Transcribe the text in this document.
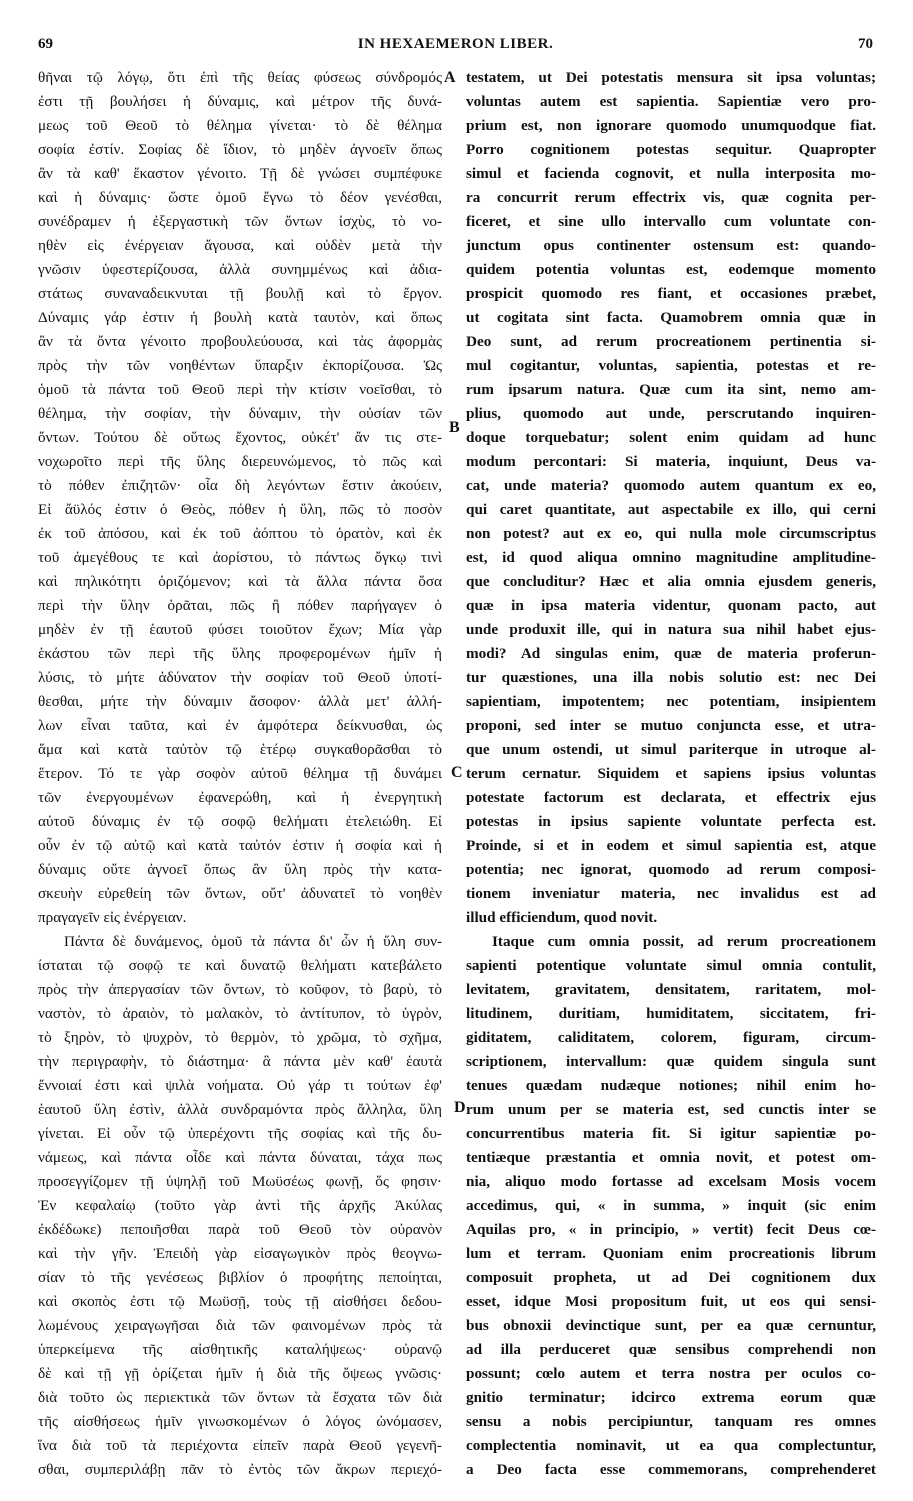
69	IN HEXAEMERON LIBER.	70
θῆναι τῷ λόγῳ, ὅτι ἐπὶ τῆς θείας φύσεως σύνδρομός
ἐστι τῇ βουλήσει ἡ δύναμις, καὶ μέτρον τῆς δυνά-
μεως τοῦ Θεοῦ τὸ θέλημα γίνεται· τὸ δὲ θέλημα
σοφία ἐστίν. Σοφίας δὲ ἴδιον, τὸ μηδὲν ἀγνοεῖν ὅπως
ἂν τὰ καθ' ἕκαστον γένοιτο. Τῇ δὲ γνώσει συμπέφυκε
καὶ ἡ δύναμις· ὥστε ὁμοῦ ἔγνω τὸ δέον γενέσθαι,
συνέδραμεν ἡ ἐξεργαστικὴ τῶν ὄντων ἰσχὺς, τὸ νο-
ηθὲν εἰς ἐνέργειαν ἄγουσα, καὶ οὐδὲν μετὰ τὴν
γνῶσιν ὑφεστερίζουσα, ἀλλὰ συνημμένως καὶ ἀδια-
στάτως συναναδεικνυται τῇ βουλῇ καὶ τὸ ἔργον.
Δύναμις γάρ ἐστιν ἡ βουλὴ κατὰ ταυτὸν, καὶ ὅπως
ἂν τὰ ὄντα γένοιτο προβουλεύουσα, καὶ τὰς ἀφορμὰς
πρὸς τὴν τῶν νοηθέντων ὕπαρξιν ἐκπορίζουσα. Ὡς
ὁμοῦ τὰ πάντα τοῦ Θεοῦ περὶ τὴν κτίσιν νοεῖσθαι, τὸ
θέλημα, τὴν σοφίαν, τὴν δύναμιν, τὴν οὐσίαν τῶν
ὄντων. Τούτου δὲ οὕτως ἔχοντος, οὐκέτ' ἄν τις στε-
νοχωροῖτο περὶ τῆς ὕλης διερευνώμενος, τὸ πῶς καὶ
τὸ πόθεν ἐπιζητῶν· οἷα δὴ λεγόντων ἔστιν ἀκούειν,
Εἰ ἄϋλός ἐστιν ὁ Θεὸς, πόθεν ἡ ὕλη, πῶς τὸ ποσὸν
ἐκ τοῦ ἀπόσου, καὶ ἐκ τοῦ ἀόπτου τὸ ὁρατὸν, καὶ ἐκ
τοῦ ἀμεγέθους τε καὶ ἀορίστου, τὸ πάντως ὄγκῳ τινὶ
καὶ πηλικότητι ὁριζόμενον; καὶ τὰ ἄλλα πάντα ὅσα
περὶ τὴν ὕλην ὁρᾶται, πῶς ἢ πόθεν παρήγαγεν ὁ
μηδὲν ἐν τῇ ἑαυτοῦ φύσει τοιοῦτον ἔχων; Μία γὰρ
ἑκάστου τῶν περὶ τῆς ὕλης προφερομένων ἡμῖν ἡ
λύσις, τὸ μήτε ἀδύνατον τὴν σοφίαν τοῦ Θεοῦ ὑποτί-
θεσθαι, μήτε τὴν δύναμιν ἄσοφον· ἀλλὰ μετ' ἀλλή-
λων εἶναι ταῦτα, καὶ ἐν ἀμφότερα δείκνυσθαι, ὡς
ἅμα καὶ κατὰ ταὐτὸν τῷ ἑτέρῳ συγκαθορᾶσθαι τὸ
ἕτερον. Τό τε γὰρ σοφὸν αὐτοῦ θέλημα τῇ δυνάμει
τῶν ἐνεργουμένων ἐφανερώθη, καὶ ἡ ἐνεργητικὴ
αὐτοῦ δύναμις ἐν τῷ σοφῷ θελήματι ἐτελειώθη. Εἰ
οὖν ἐν τῷ αὐτῷ καὶ κατὰ ταὐτόν ἐστιν ἡ σοφία καὶ ἡ
δύναμις οὔτε ἀγνοεῖ ὅπως ἂν ὕλη πρὸς τὴν κατα-
σκευὴν εὐρεθείη τῶν ὄντων, οὔτ' ἀδυνατεῖ τὸ νοηθὲν
πραγαγεῖν εἰς ἐνέργειαν.
Πάντα δὲ δυνάμενος, ὁμοῦ τὰ πάντα δι' ὧν ἡ ὕλη συν-
ίσταται τῷ σοφῷ τε καὶ δυνατῷ θελήματι κατεβάλετο
πρὸς τὴν ἀπεργασίαν τῶν ὄντων, τὸ κοῦφον, τὸ βαρὺ, τὸ
ναστὸν, τὸ ἀραιὸν, τὸ μαλακὸν, τὸ ἀντίτυπον, τὸ ὑγρὸν,
τὸ ξηρὸν, τὸ ψυχρὸν, τὸ θερμὸν, τὸ χρῶμα, τὸ σχῆμα,
τὴν περιγραφὴν, τὸ διάστημα· ἃ πάντα μὲν καθ' ἑαυτὰ
ἔννοιαί ἐστι καὶ ψιλὰ νοήματα. Οὐ γάρ τι τούτων ἐφ'
ἑαυτοῦ ὕλη ἐστὶν, ἀλλὰ συνδραμόντα πρὸς ἄλληλα, ὕλη
γίνεται. Εἰ οὖν τῷ ὑπερέχοντι τῆς σοφίας καὶ τῆς δυ-
νάμεως, καὶ πάντα οἶδε καὶ πάντα δύναται, τάχα πως
προσεγγίζομεν τῇ ὑψηλῇ τοῦ Μωϋσέως φωνῇ, ὅς φησιν·
Ἐν κεφαλαίῳ (τοῦτο γὰρ ἀντὶ τῆς ἀρχῆς Ἀκύλας
ἐκδέδωκε) πεποιῆσθαι παρὰ τοῦ Θεοῦ τὸν οὐρανὸν
καὶ τὴν γῆν. Ἐπειδὴ γὰρ εἰσαγωγικὸν πρὸς θεογνω-
σίαν τὸ τῆς γενέσεως βιβλίον ὁ προφήτης πεποίηται,
καὶ σκοπὸς ἐστι τῷ Μωϋσῇ, τοὺς τῇ αἰσθήσει δεδου-
λωμένους χειραγωγῆσαι διὰ τῶν φαινομένων πρὸς τὰ
ὑπερκείμενα τῆς αἰσθητικῆς καταλήψεως· οὐρανῷ
δὲ καὶ τῇ γῇ ὁρίζεται ἡμῖν ἡ διὰ τῆς ὄψεως γνῶσις·
διὰ τοῦτο ὡς περιεκτικὰ τῶν ὄντων τὰ ἔσχατα τῶν διὰ
τῆς αἰσθήσεως ἡμῖν γινωσκομένων ὁ λόγος ὠνόμασεν,
ἵνα διὰ τοῦ τὰ περιέχοντα εἰπεῖν παρὰ Θεοῦ γεγενῆ-
σθαι, συμπεριλάβῃ πᾶν τὸ ἐντὸς τῶν ἄκρων περιεχό-
testatem, ut Dei potestatis mensura sit ipsa voluntas;
voluntas autem est sapientia. Sapientiæ vero pro-
prium est, non ignorare quomodo unumquodque fiat.
Porro cognitionem potestas sequitur. Quapropter
simul et facienda cognovit, et nulla interposita mo-
ra concurrit rerum effectrix vis, quæ cognita per-
ficeret, et sine ullo intervallo cum voluntate con-
junctum opus continenter ostensum est: quando-
quidem potentia voluntas est, eodemque momento
prospicit quomodo res fiant, et occasiones præbet,
ut cogitata sint facta. Quamobrem omnia quæ in
Deo sunt, ad rerum procreationem pertinentia si-
mul cogitantur, voluntas, sapientia, potestas et re-
rum ipsarum natura. Quæ cum ita sint, nemo am-
plius, quomodo aut unde, perscrutando inquiren-
doque torquebatur; solent enim quidam ad hunc
modum percontari: Si materia, inquiunt, Deus va-
cat, unde materia? quomodo autem quantum ex eo,
qui caret quantitate, aut aspectabile ex illo, qui cerni
non potest? aut ex eo, qui nulla mole circumscriptus
est, id quod aliqua omnino magnitudine amplitudine-
que concluditur? Hæc et alia omnia ejusdem generis,
quæ in ipsa materia videntur, quonam pacto, aut
unde produxit ille, qui in natura sua nihil habet ejus-
modi? Ad singulas enim, quæ de materia proferun-
tur quæstiones, una illa nobis solutio est: nec Dei
sapientiam, impotentem; nec potentiam, insipientem
proponi, sed inter se mutuo conjuncta esse, et utra-
que unum ostendi, ut simul pariterque in utroque al-
terum cernatur. Siquidem et sapiens ipsius voluntas
potestate factorum est declarata, et effectrix ejus
potestas in ipsius sapiente voluntate perfecta est.
Proinde, si et in eodem et simul sapientia est, atque
potentia; nec ignorat, quomodo ad rerum composi-
tionem inveniatur materia, nec invalidus est ad
illud efficiendum, quod novit.
Itaque cum omnia possit, ad rerum procreationem
sapienti potentique voluntate simul omnia contulit,
levitatem, gravitatem, densitatem, raritatem, mol-
litudinem, duritiam, humiditatem, siccitatem, fri-
giditatem, caliditatem, colorem, figuram, circum-
scriptionem, intervallum: quæ quidem singula sunt
tenues quædam nudæque notiones; nihil enim ho-
rum unum per se materia est, sed cunctis inter se
concurrentibus materia fit. Si igitur sapientiæ po-
tentiæque præstantia et omnia novit, et potest om-
nia, aliquo modo fortasse ad excelsam Mosis vocem
accedimus, qui, « in summa, » inquit (sic enim
Aquilas pro, « in principio, » vertit) fecit Deus cœ-
lum et terram. Quoniam enim procreationis librum
composuit propheta, ut ad Dei cognitionem dux
esset, idque Mosi propositum fuit, ut eos qui sensi-
bus obnoxii devinctique sunt, per ea quæ cernuntur,
ad illa perduceret quæ sensibus comprehendi non
possunt; cœlo autem et terra nostra per oculos co-
gnitio terminatur; idcirco extrema eorum quæ
sensu a nobis percipiuntur, tanquam res omnes
complectentia nominavit, ut ea qua complectuntur,
a Deo facta esse commemorans, comprehenderet
A
B
C
D
